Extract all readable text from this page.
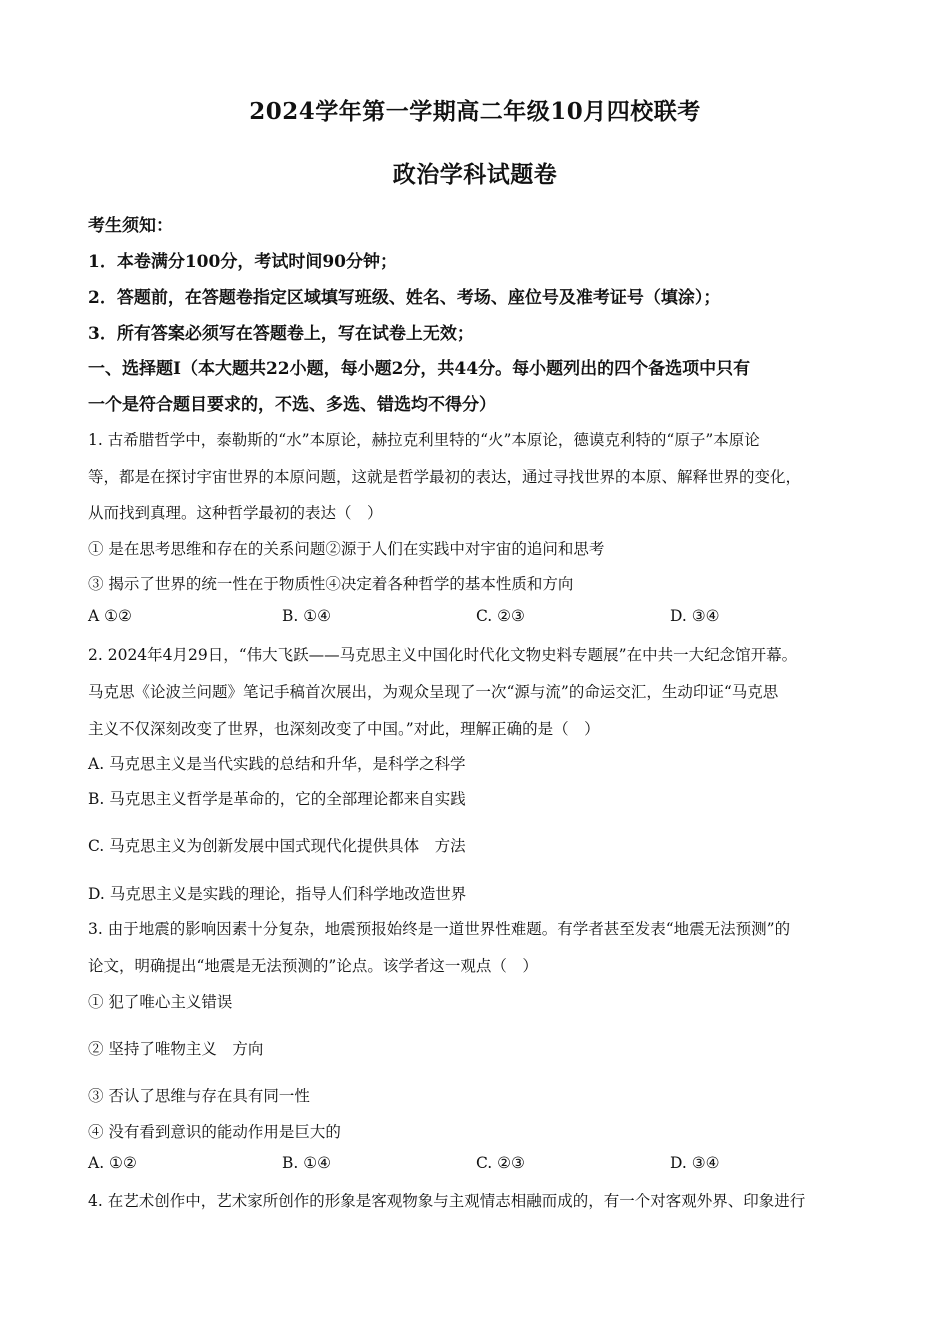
2024学年第一学期高二年级10月四校联考
政治学科试题卷
考生须知：
1．本卷满分100分，考试时间90分钟；
2．答题前，在答题卷指定区域填写班级、姓名、考场、座位号及准考证号（填涂）；
3．所有答案必须写在答题卷上，写在试卷上无效；
一、选择题Ⅰ（本大题共22小题，每小题2分，共44分。每小题列出的四个备选项中只有
一个是符合题目要求的，不选、多选、错选均不得分）
1. 古希腊哲学中，泰勒斯的“水”本原论，赫拉克利里特的“火”本原论，德谟克利特的“原子”本原论
等，都是在探讨宇宙世界的本原问题，这就是哲学最初的表达，通过寻找世界的本原、解释世界的变化，
从而找到真理。这种哲学最初的表达（　）
① 是在思考思维和存在的关系问题②源于人们在实践中对宇宙的追问和思考
③ 揭示了世界的统一性在于物质性④决定着各种哲学的基本性质和方向
A ①②	B. ①④	C. ②③	D. ③④
2. 2024年4月29日，“伟大飞跃——马克思主义中国化时代化文物史料专题展”在中共一大纪念馆开幕。
马克思《论波兰问题》笔记手稿首次展出，为观众呈现了一次“源与流”的命运交汇，生动印证“马克思
主义不仅深刻改变了世界，也深刻改变了中国。”对此，理解正确的是（　）
A. 马克思主义是当代实践的总结和升华，是科学之科学
B. 马克思主义哲学是革命的，它的全部理论都来自实践
C. 马克思主义为创新发展中国式现代化提供具体　方法
D. 马克思主义是实践的理论，指导人们科学地改造世界
3. 由于地震的影响因素十分复杂，地震预报始终是一道世界性难题。有学者甚至发表“地震无法预测”的
论文，明确提出“地震是无法预测的”论点。该学者这一观点（　）
① 犯了唯心主义错误
② 坚持了唯物主义　方向
③ 否认了思维与存在具有同一性
④ 没有看到意识的能动作用是巨大的
A. ①②	B. ①④	C. ②③	D. ③④
4. 在艺术创作中，艺术家所创作的形象是客观物象与主观情志相融而成的，有一个对客观外界、印象进行
